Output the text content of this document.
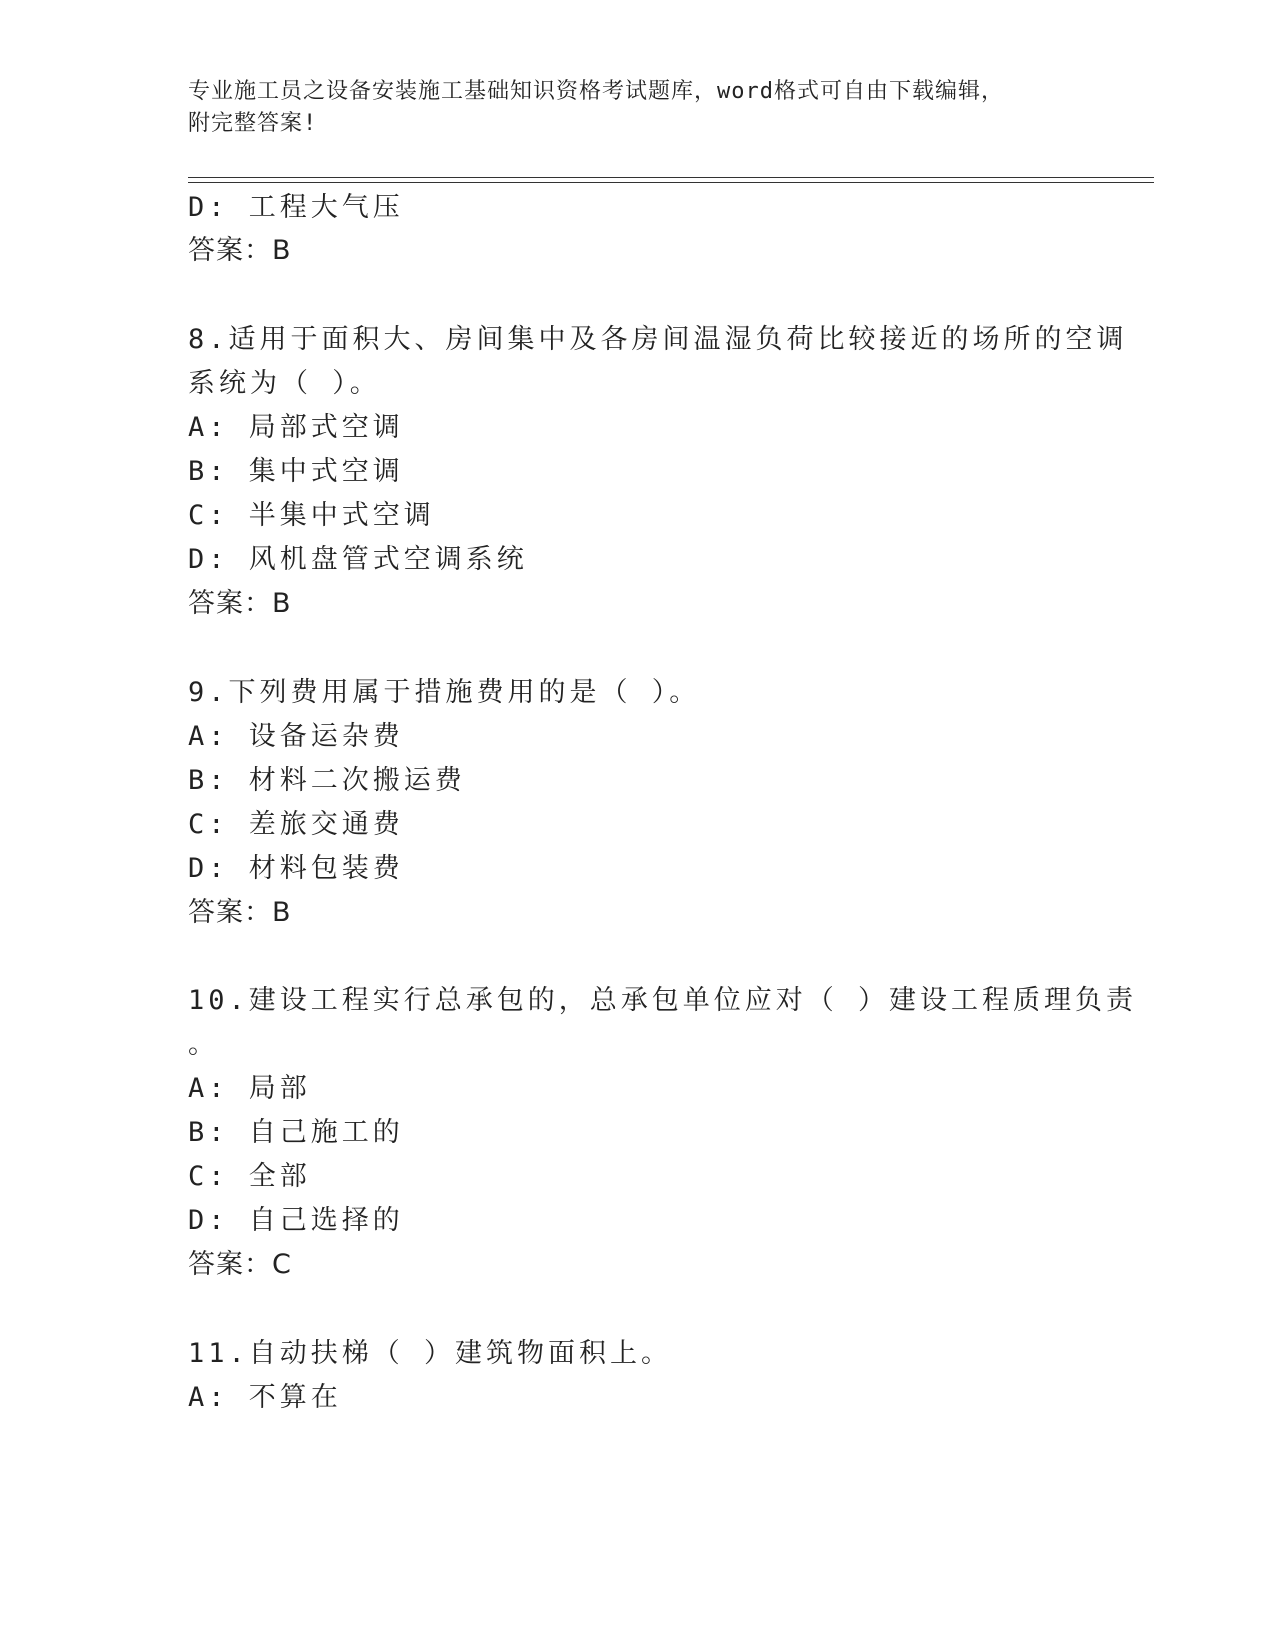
专业施工员之设备安装施工基础知识资格考试题库，word格式可自由下载编辑，
附完整答案!
D: 工程大气压
答案：B
8.适用于面积大、房间集中及各房间温湿负荷比较接近的场所的空调
系统为（ ）。
A: 局部式空调
B: 集中式空调
C: 半集中式空调
D: 风机盘管式空调系统
答案：B
9.下列费用属于措施费用的是（ ）。
A: 设备运杂费
B: 材料二次搬运费
C: 差旅交通费
D: 材料包装费
答案：B
10.建设工程实行总承包的，总承包单位应对（ ）建设工程质理负责
。
A: 局部
B: 自己施工的
C: 全部
D: 自己选择的
答案：C
11.自动扶梯（ ）建筑物面积上。
A: 不算在
